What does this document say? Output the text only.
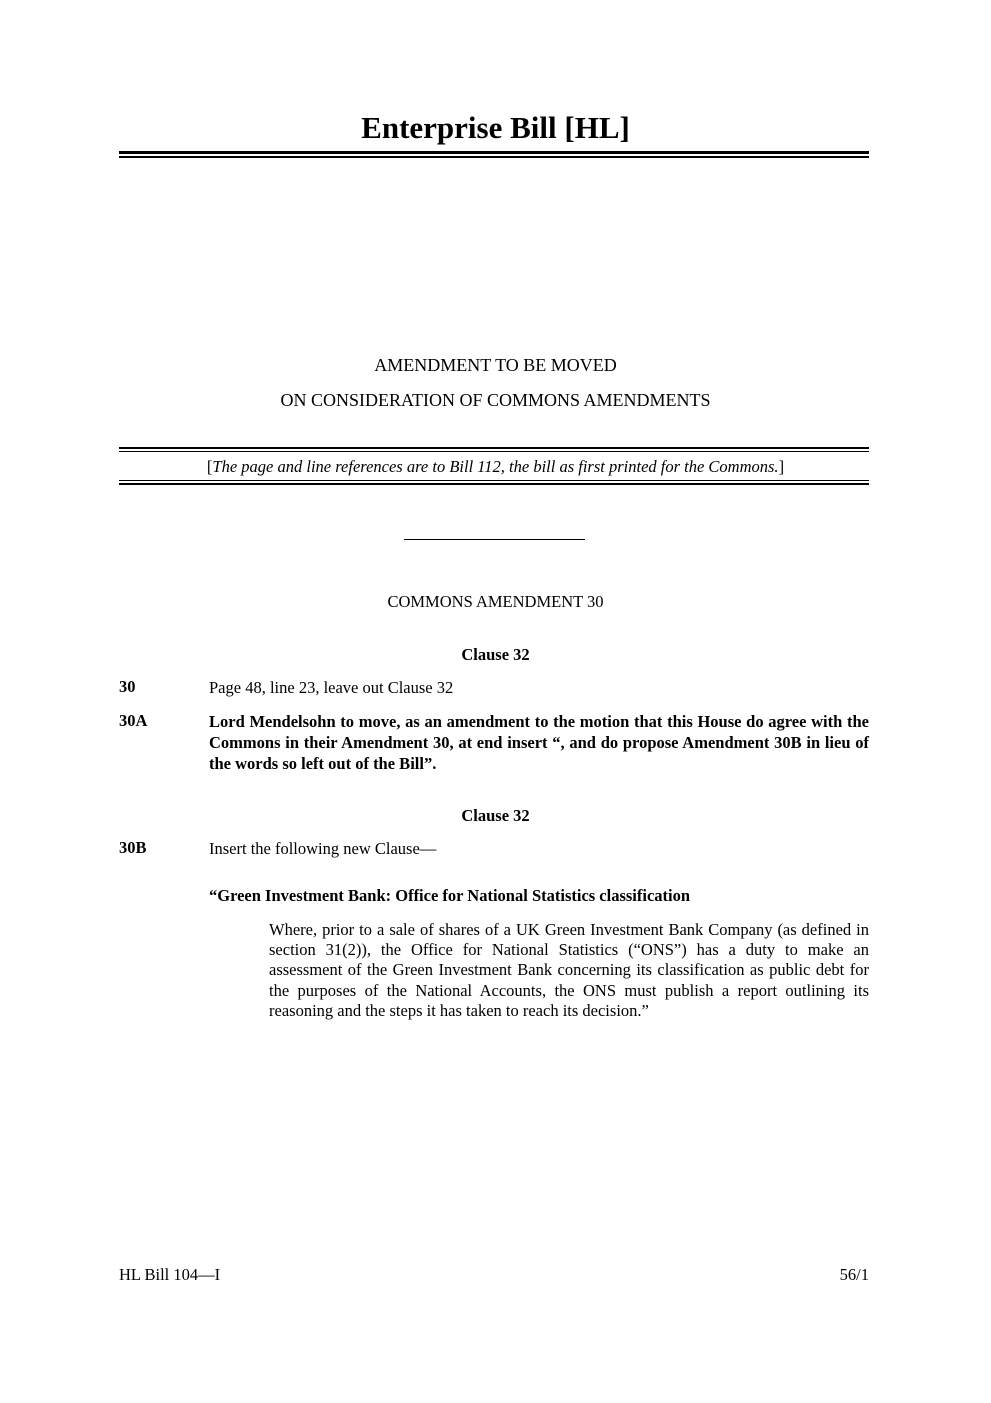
Enterprise Bill [HL]
AMENDMENT TO BE MOVED
ON CONSIDERATION OF COMMONS AMENDMENTS
[The page and line references are to Bill 112, the bill as first printed for the Commons.]
COMMONS AMENDMENT 30
Clause 32
30	Page 48, line 23, leave out Clause 32
30A	Lord Mendelsohn to move, as an amendment to the motion that this House do agree with the Commons in their Amendment 30, at end insert “, and do propose Amendment 30B in lieu of the words so left out of the Bill”.
Clause 32
30B	Insert the following new Clause—
“Green Investment Bank: Office for National Statistics classification
Where, prior to a sale of shares of a UK Green Investment Bank Company (as defined in section 31(2)), the Office for National Statistics (“ONS”) has a duty to make an assessment of the Green Investment Bank concerning its classification as public debt for the purposes of the National Accounts, the ONS must publish a report outlining its reasoning and the steps it has taken to reach its decision.”
HL Bill 104—I	56/1
